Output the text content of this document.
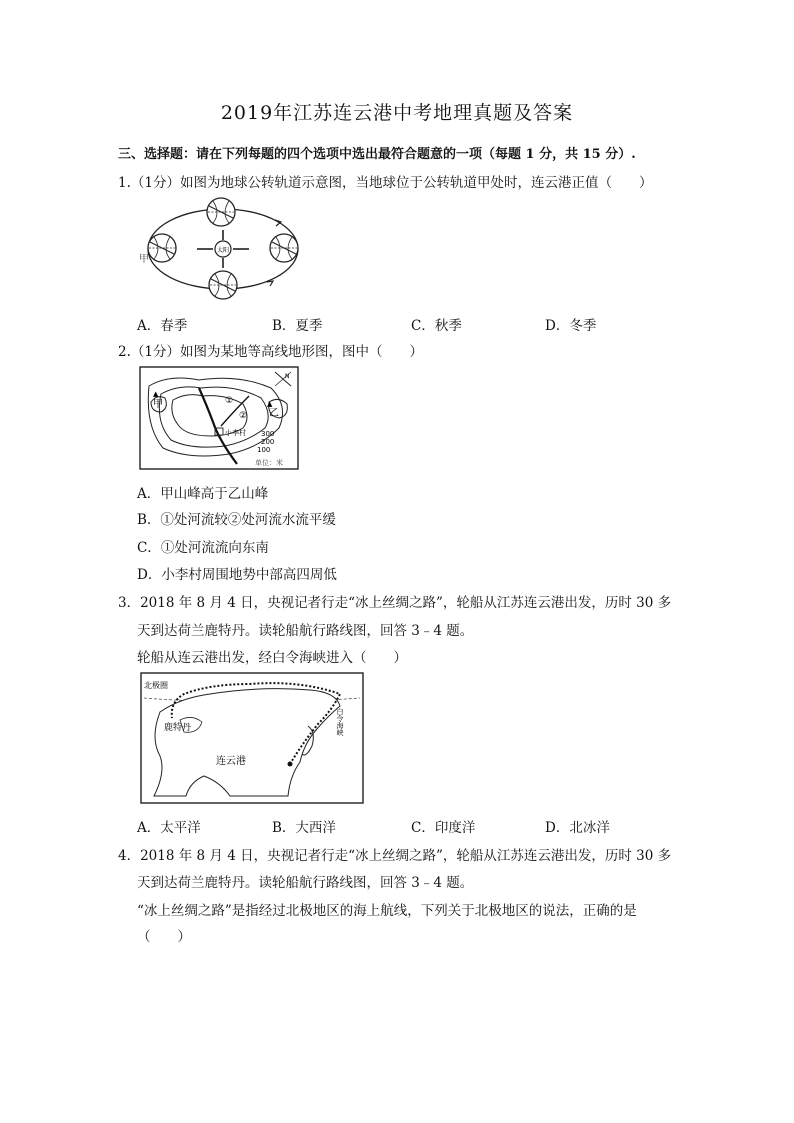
2019年江苏连云港中考地理真题及答案
三、选择题：请在下列每题的四个选项中选出最符合题意的一项（每题 1 分，共 15 分）.
1.（1分）如图为地球公转轨道示意图，当地球位于公转轨道甲处时，连云港正值（　　）
太阳
甲
A．春季	B．夏季	C．秋季	D．冬季
2.（1分）如图为某地等高线地形图，图中（　　）
▲
甲	▲
乙
①
②
小李村 300
200
100
单位：米
N
A．甲山峰高于乙山峰
B．①处河流较②处河流水流平缓
C．①处河流流向东南
D．小李村周围地势中部高四周低
3．2018 年 8 月 4 日，央视记者行走“冰上丝绸之路”，轮船从江苏连云港出发，历时 30 多
天到达荷兰鹿特丹。读轮船航行路线图，回答 3﹣4 题。
轮船从连云港出发，经白令海峡进入（　　）
北极圈
鹿特丹
连云港
白令海峡
A．太平洋	B．大西洋	C．印度洋	D．北冰洋
4．2018 年 8 月 4 日，央视记者行走“冰上丝绸之路”，轮船从江苏连云港出发，历时 30 多
天到达荷兰鹿特丹。读轮船航行路线图，回答 3﹣4 题。
“冰上丝绸之路”是指经过北极地区的海上航线，下列关于北极地区的说法，正确的是
（　　）
